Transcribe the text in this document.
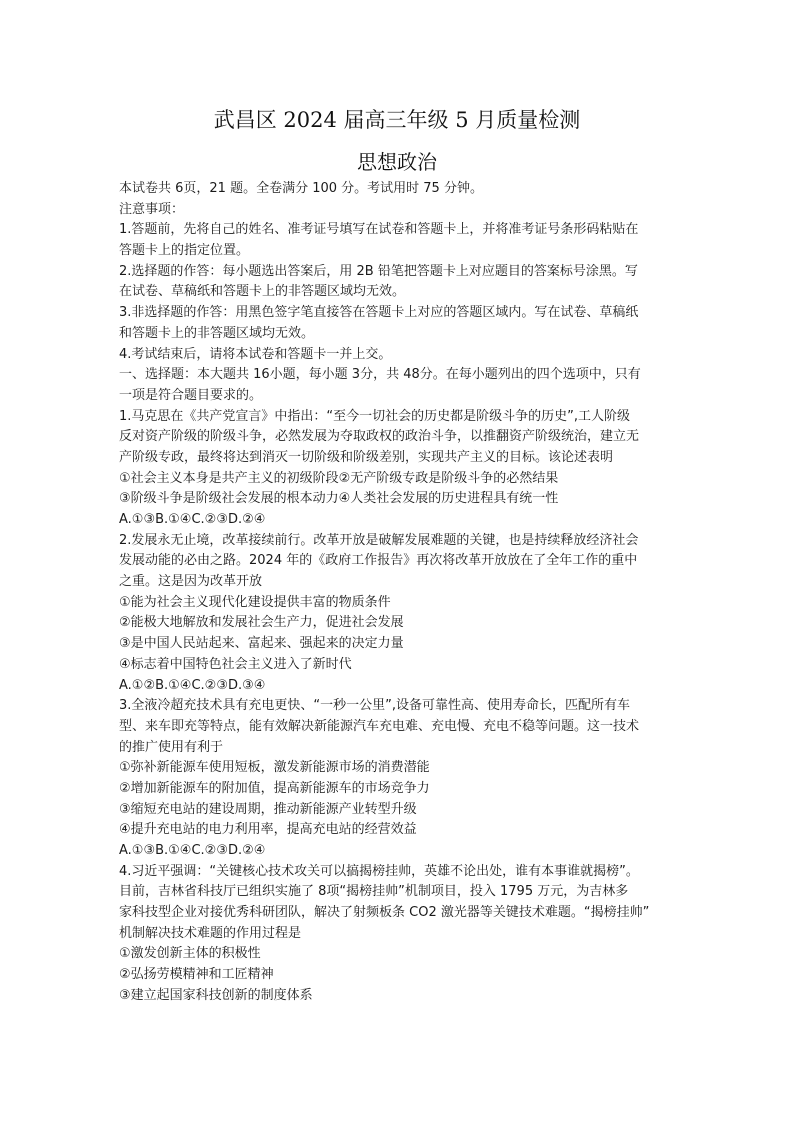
武昌区 2024 届高三年级 5 月质量检测
思想政治
本试卷共 6页，21 题。全卷满分 100 分。考试用时 75 分钟。
注意事项：
1.答题前，先将自己的姓名、准考证号填写在试卷和答题卡上，并将准考证号条形码粘贴在
答题卡上的指定位置。
2.选择题的作答：每小题选出答案后，用 2B 铅笔把答题卡上对应题目的答案标号涂黑。写
在试卷、草稿纸和答题卡上的非答题区域均无效。
3.非选择题的作答：用黑色签字笔直接答在答题卡上对应的答题区域内。写在试卷、草稿纸
和答题卡上的非答题区域均无效。
4.考试结束后，请将本试卷和答题卡一并上交。
一、选择题：本大题共 16小题，每小题 3分，共 48分。在每小题列出的四个选项中，只有
一项是符合题目要求的。
1.马克思在《共产党宣言》中指出：“至今一切社会的历史都是阶级斗争的历史”,工人阶级
反对资产阶级的阶级斗争，必然发展为夺取政权的政治斗争，以推翻资产阶级统治，建立无
产阶级专政，最终将达到消灭一切阶级和阶级差别，实现共产主义的目标。该论述表明
①社会主义本身是共产主义的初级阶段②无产阶级专政是阶级斗争的必然结果
③阶级斗争是阶级社会发展的根本动力④人类社会发展的历史进程具有统一性
A.①③B.①④C.②③D.②④
2.发展永无止境，改革接续前行。改革开放是破解发展难题的关键，也是持续释放经济社会
发展动能的必由之路。2024 年的《政府工作报告》再次将改革开放放在了全年工作的重中
之重。这是因为改革开放
①能为社会主义现代化建设提供丰富的物质条件
②能极大地解放和发展社会生产力，促进社会发展
③是中国人民站起来、富起来、强起来的决定力量
④标志着中国特色社会主义进入了新时代
A.①②B.①④C.②③D.③④
3.全液冷超充技术具有充电更快、“一秒一公里”,设备可靠性高、使用寿命长，匹配所有车
型、来车即充等特点，能有效解决新能源汽车充电难、充电慢、充电不稳等问题。这一技术
的推广使用有利于
①弥补新能源车使用短板，激发新能源市场的消费潜能
②增加新能源车的附加值，提高新能源车的市场竞争力
③缩短充电站的建设周期，推动新能源产业转型升级
④提升充电站的电力利用率，提高充电站的经营效益
A.①③B.①④C.②③D.②④
4.习近平强调：“关键核心技术攻关可以搞揭榜挂帅，英雄不论出处，谁有本事谁就揭榜”。
目前，吉林省科技厅已组织实施了 8项“揭榜挂帅”机制项目，投入 1795 万元，为吉林多
家科技型企业对接优秀科研团队，解决了射频板条 CO2 激光器等关键技术难题。“揭榜挂帅”
机制解决技术难题的作用过程是
①激发创新主体的积极性
②弘扬劳模精神和工匠精神
③建立起国家科技创新的制度体系
